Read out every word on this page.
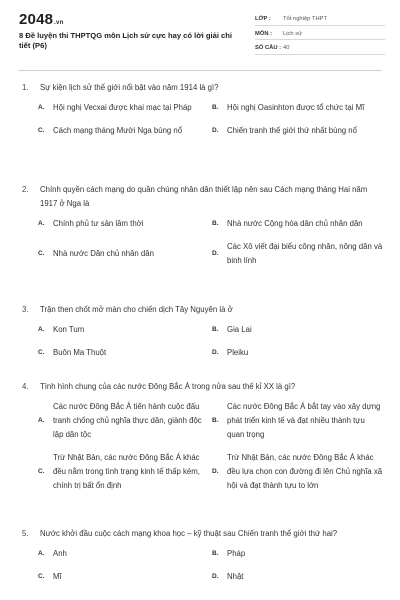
2048.vn
8 Đề luyện thi THPTQG môn Lịch sử cực hay có lời giải chi tiết (P6)
LỚP :	Tốt nghiệp THPT
MÔN :	Lịch sử
SỐ CÂU : 40
1.	Sự kiện lịch sử thế giới nổi bật vào năm 1914 là gì?
A.	Hội nghị Vecxai được khai mạc tại Pháp	B.	Hội nghị Oasinhtơn được tổ chức tại Mĩ
C.	Cách mạng tháng Mười Nga bùng nổ	D.	Chiến tranh thế giới thứ nhất bùng nổ
2.	Chính quyền cách mạng do quần chúng nhân dân thiết lập nên sau Cách mạng tháng Hai năm 1917 ở Nga là
A.	Chính phủ tư sản lâm thời	B.	Nhà nước Cộng hòa dân chủ nhân dân
C.	Nhà nước Dân chủ nhân dân	D.
Các Xô viết đại biểu công nhân, nông dân và binh lính
3.	Trận then chốt mở màn cho chiến dịch Tây Nguyên là ở
A.	Kon Tum	B.	Gia Lai
C.	Buôn Ma Thuột	D.	Pleiku
4.	Tình hình chung của các nước Đông Bắc Á trong nửa sau thế kỉ XX là gì?
A.
Các nước Đông Bắc Á tiến hành cuộc đấu tranh chống chủ nghĩa thực dân, giành độc lập dân tộc
B.
Các nước Đông Bắc Á bắt tay vào xây dựng phát triển kinh tế và đạt nhiều thành tựu quan trọng
C.
Trừ Nhật Bản, các nước Đông Bắc Á khác đều nằm trong tình trạng kinh tế thấp kém, chính trị bất ổn định
D.
Trừ Nhật Bản, các nước Đông Bắc Á khác đều lựa chọn con đường đi lên Chủ nghĩa xã hội và đạt thành tựu to lớn
5.	Nước khởi đầu cuộc cách mạng khoa học – kỹ thuật sau Chiến tranh thế giới thứ hai?
A.	Anh	B.	Pháp
C.	Mĩ	D.	Nhật
